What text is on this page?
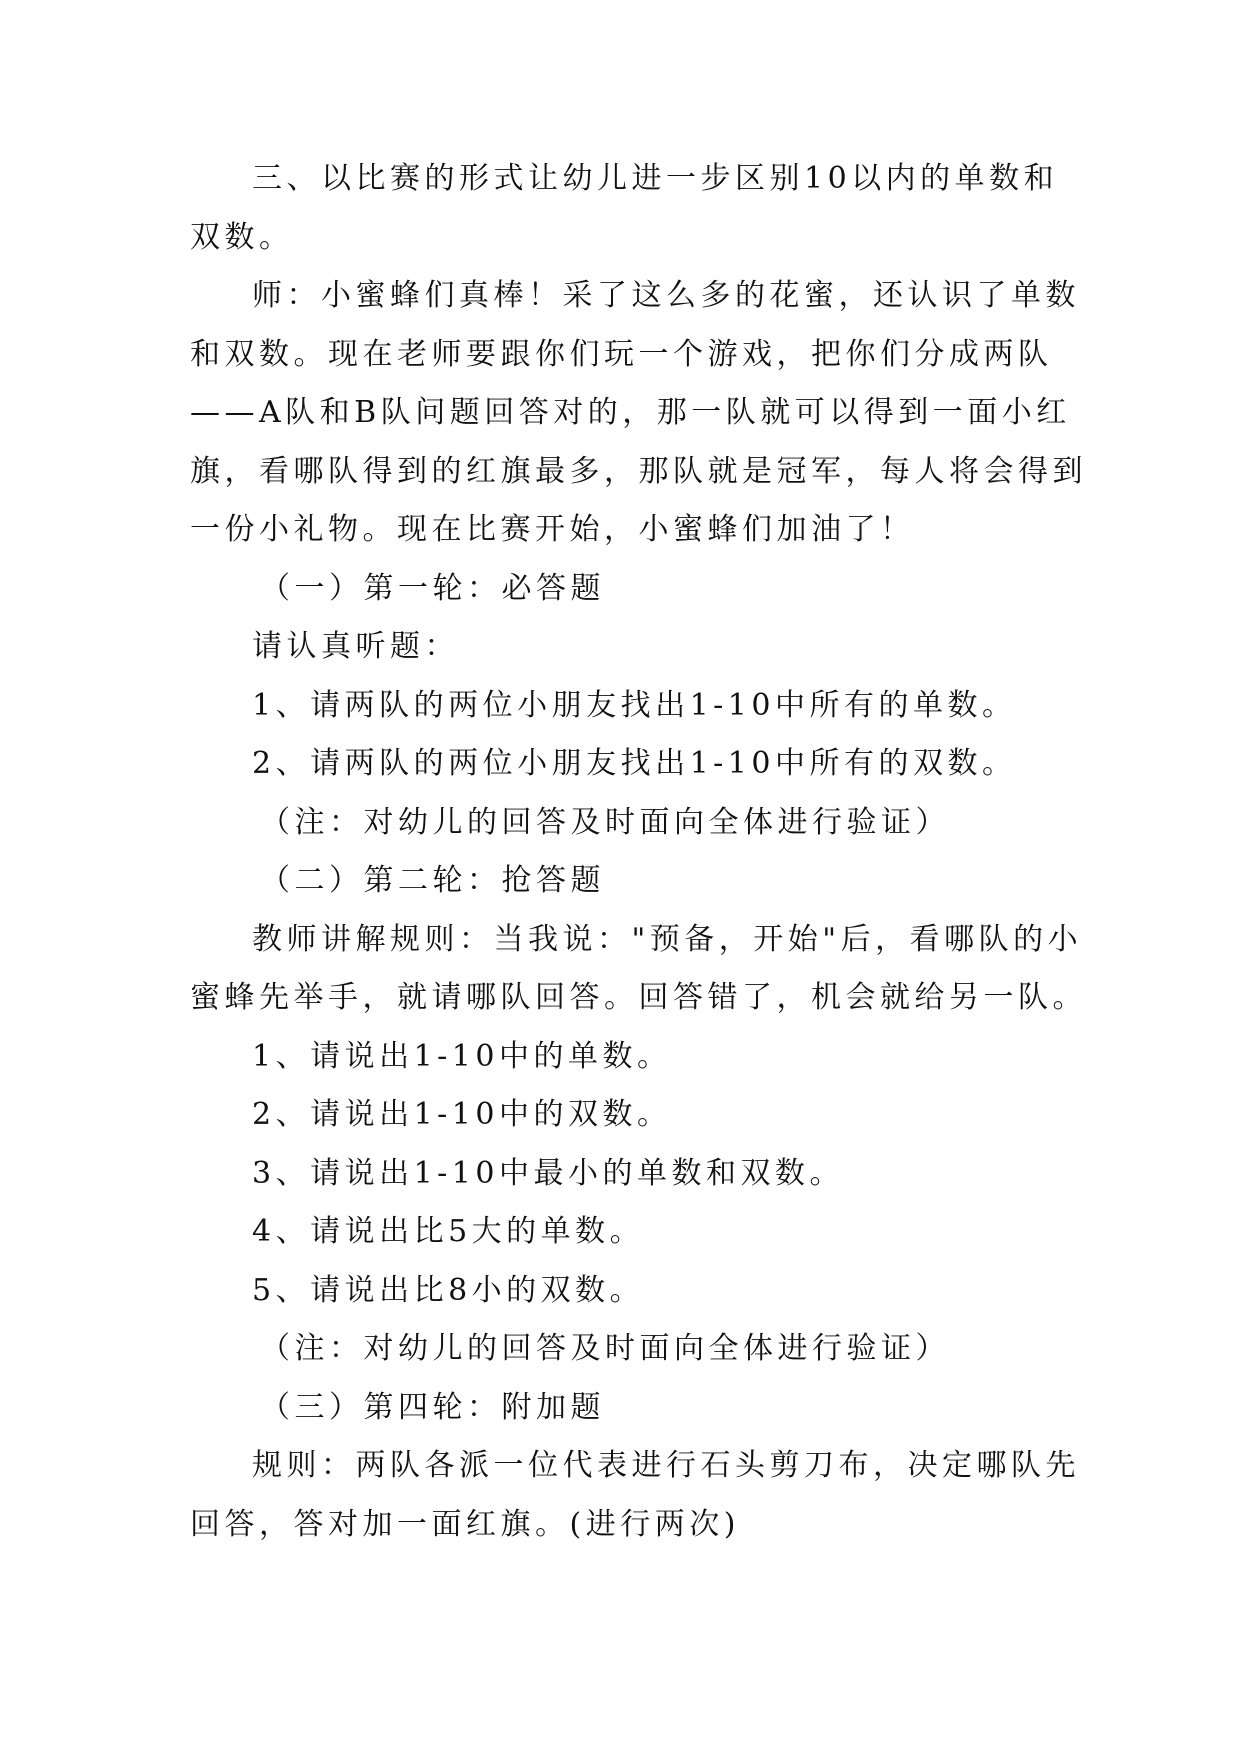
三、以比赛的形式让幼儿进一步区别10以内的单数和

双数。

师：小蜜蜂们真棒！采了这么多的花蜜，还认识了单数

和双数。现在老师要跟你们玩一个游戏，把你们分成两队

——A队和B队问题回答对的，那一队就可以得到一面小红

旗，看哪队得到的红旗最多，那队就是冠军，每人将会得到

一份小礼物。现在比赛开始，小蜜蜂们加油了！

（一）第一轮：必答题

请认真听题：

1、请两队的两位小朋友找出1-10中所有的单数。

2、请两队的两位小朋友找出1-10中所有的双数。

（注：对幼儿的回答及时面向全体进行验证）

（二）第二轮：抢答题

教师讲解规则：当我说："预备，开始"后，看哪队的小

蜜蜂先举手，就请哪队回答。回答错了，机会就给另一队。

1、请说出1-10中的单数。

2、请说出1-10中的双数。

3、请说出1-10中最小的单数和双数。

4、请说出比5大的单数。

5、请说出比8小的双数。

（注：对幼儿的回答及时面向全体进行验证）

（三）第四轮：附加题

规则：两队各派一位代表进行石头剪刀布，决定哪队先

回答，答对加一面红旗。(进行两次)
